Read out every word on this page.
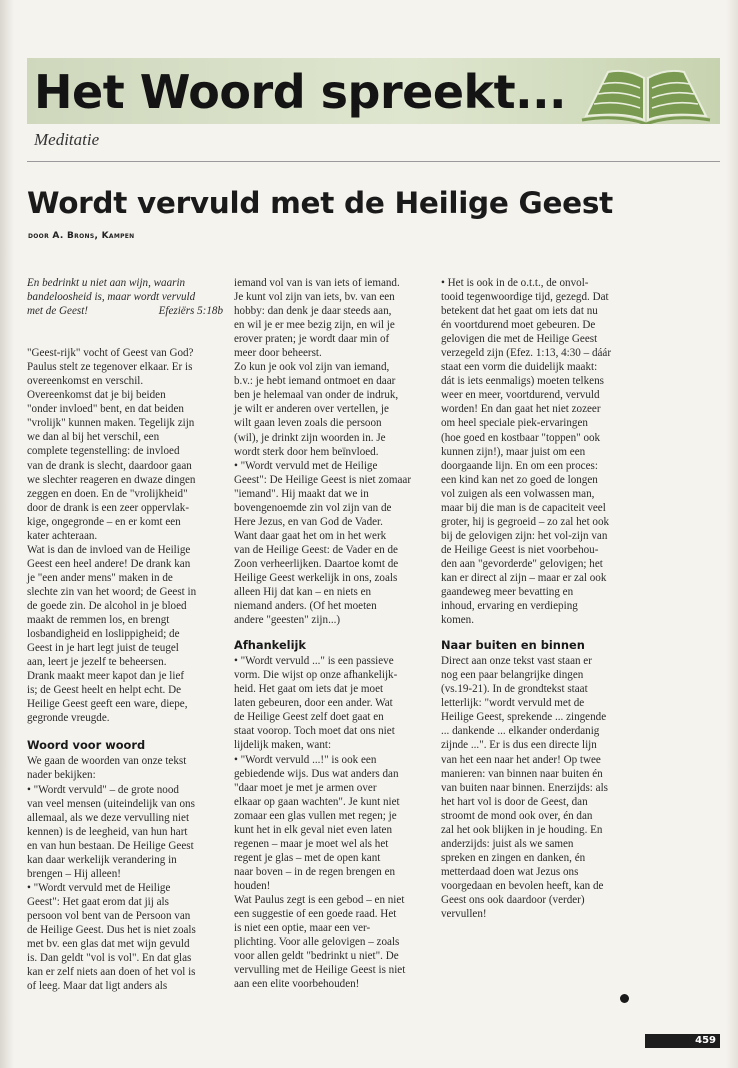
Het Woord spreekt...
Meditatie
Wordt vervuld met de Heilige Geest
door A. Brons, Kampen

En bedrinkt u niet aan wijn, waarin

bandeloosheid is, maar wordt vervuld

met de Geest!	Efeziërs 5:18b

"Geest-rijk" vocht of Geest van God?

Paulus stelt ze tegenover elkaar. Er is

overeenkomst en verschil.

Overeenkomst dat je bij beiden

"onder invloed" bent, en dat beiden

"vrolijk" kunnen maken. Tegelijk zijn

we dan al bij het verschil, een

complete tegenstelling: de invloed

van de drank is slecht, daardoor gaan

we slechter reageren en dwaze dingen

zeggen en doen. En de "vrolijkheid"

door de drank is een zeer oppervlak-

kige, ongegronde – en er komt een

kater achteraan.

Wat is dan de invloed van de Heilige

Geest een heel andere! De drank kan

je "een ander mens" maken in de

slechte zin van het woord; de Geest in

de goede zin. De alcohol in je bloed

maakt de remmen los, en brengt

losbandigheid en loslippigheid; de

Geest in je hart legt juist de teugel

aan, leert je jezelf te beheersen.

Drank maakt meer kapot dan je lief

is; de Geest heelt en helpt echt. De

Heilige Geest geeft een ware, diepe,

gegronde vreugde.

Woord voor woord

We gaan de woorden van onze tekst

nader bekijken:

• "Wordt vervuld" – de grote nood

van veel mensen (uiteindelijk van ons

allemaal, als we deze vervulling niet

kennen) is de leegheid, van hun hart

en van hun bestaan. De Heilige Geest

kan daar werkelijk verandering in

brengen – Hij alleen!

• "Wordt vervuld met de Heilige

Geest": Het gaat erom dat jij als

persoon vol bent van de Persoon van

de Heilige Geest. Dus het is niet zoals

met bv. een glas dat met wijn gevuld

is. Dan geldt "vol is vol". En dat glas

kan er zelf niets aan doen of het vol is

of leeg. Maar dat ligt anders als

iemand vol van is van iets of iemand.

Je kunt vol zijn van iets, bv. van een

hobby: dan denk je daar steeds aan,

en wil je er mee bezig zijn, en wil je

erover praten; je wordt daar min of

meer door beheerst.

Zo kun je ook vol zijn van iemand,

b.v.: je hebt iemand ontmoet en daar

ben je helemaal van onder de indruk,

je wilt er anderen over vertellen, je

wilt gaan leven zoals die persoon

(wil), je drinkt zijn woorden in. Je

wordt sterk door hem beïnvloed.

• "Wordt vervuld met de Heilige

Geest": De Heilige Geest is niet zomaar

"iemand". Hij maakt dat we in

bovengenoemde zin vol zijn van de

Here Jezus, en van God de Vader.

Want daar gaat het om in het werk

van de Heilige Geest: de Vader en de

Zoon verheerlijken. Daartoe komt de

Heilige Geest werkelijk in ons, zoals

alleen Hij dat kan – en niets en

niemand anders. (Of het moeten

andere "geesten" zijn...)

Afhankelijk

• "Wordt vervuld ..." is een passieve

vorm. Die wijst op onze afhankelijk-

heid. Het gaat om iets dat je moet

laten gebeuren, door een ander. Wat

de Heilige Geest zelf doet gaat en

staat voorop. Toch moet dat ons niet

lijdelijk maken, want:

• "Wordt vervuld ...!" is ook een

gebiedende wijs. Dus wat anders dan

"daar moet je met je armen over

elkaar op gaan wachten". Je kunt niet

zomaar een glas vullen met regen; je

kunt het in elk geval niet even laten

regenen – maar je moet wel als het

regent je glas – met de open kant

naar boven – in de regen brengen en

houden!

Wat Paulus zegt is een gebod – en niet

een suggestie of een goede raad. Het

is niet een optie, maar een ver-

plichting. Voor alle gelovigen – zoals

voor allen geldt "bedrinkt u niet". De

vervulling met de Heilige Geest is niet

aan een elite voorbehouden!

• Het is ook in de o.t.t., de onvol-

tooid tegenwoordige tijd, gezegd. Dat

betekent dat het gaat om iets dat nu

én voortdurend moet gebeuren. De

gelovigen die met de Heilige Geest

verzegeld zijn (Efez. 1:13, 4:30 – dáár

staat een vorm die duidelijk maakt:

dát is iets eenmaligs) moeten telkens

weer en meer, voortdurend, vervuld

worden! En dan gaat het niet zozeer

om heel speciale piek-ervaringen

(hoe goed en kostbaar "toppen" ook

kunnen zijn!), maar juist om een

doorgaande lijn. En om een proces:

een kind kan net zo goed de longen

vol zuigen als een volwassen man,

maar bij die man is de capaciteit veel

groter, hij is gegroeid – zo zal het ook

bij de gelovigen zijn: het vol-zijn van

de Heilige Geest is niet voorbehou-

den aan "gevorderde" gelovigen; het

kan er direct al zijn – maar er zal ook

gaandeweg meer bevatting en

inhoud, ervaring en verdieping

komen.

Naar buiten en binnen

Direct aan onze tekst vast staan er

nog een paar belangrijke dingen

(vs.19-21). In de grondtekst staat

letterlijk: "wordt vervuld met de

Heilige Geest, sprekende ... zingende

... dankende ... elkander onderdanig

zijnde ...". Er is dus een directe lijn

van het een naar het ander! Op twee

manieren: van binnen naar buiten én

van buiten naar binnen. Enerzijds: als

het hart vol is door de Geest, dan

stroomt de mond ook over, én dan

zal het ook blijken in je houding. En

anderzijds: juist als we samen

spreken en zingen en danken, én

metterdaad doen wat Jezus ons

voorgedaan en bevolen heeft, kan de

Geest ons ook daardoor (verder)

vervullen!

459
